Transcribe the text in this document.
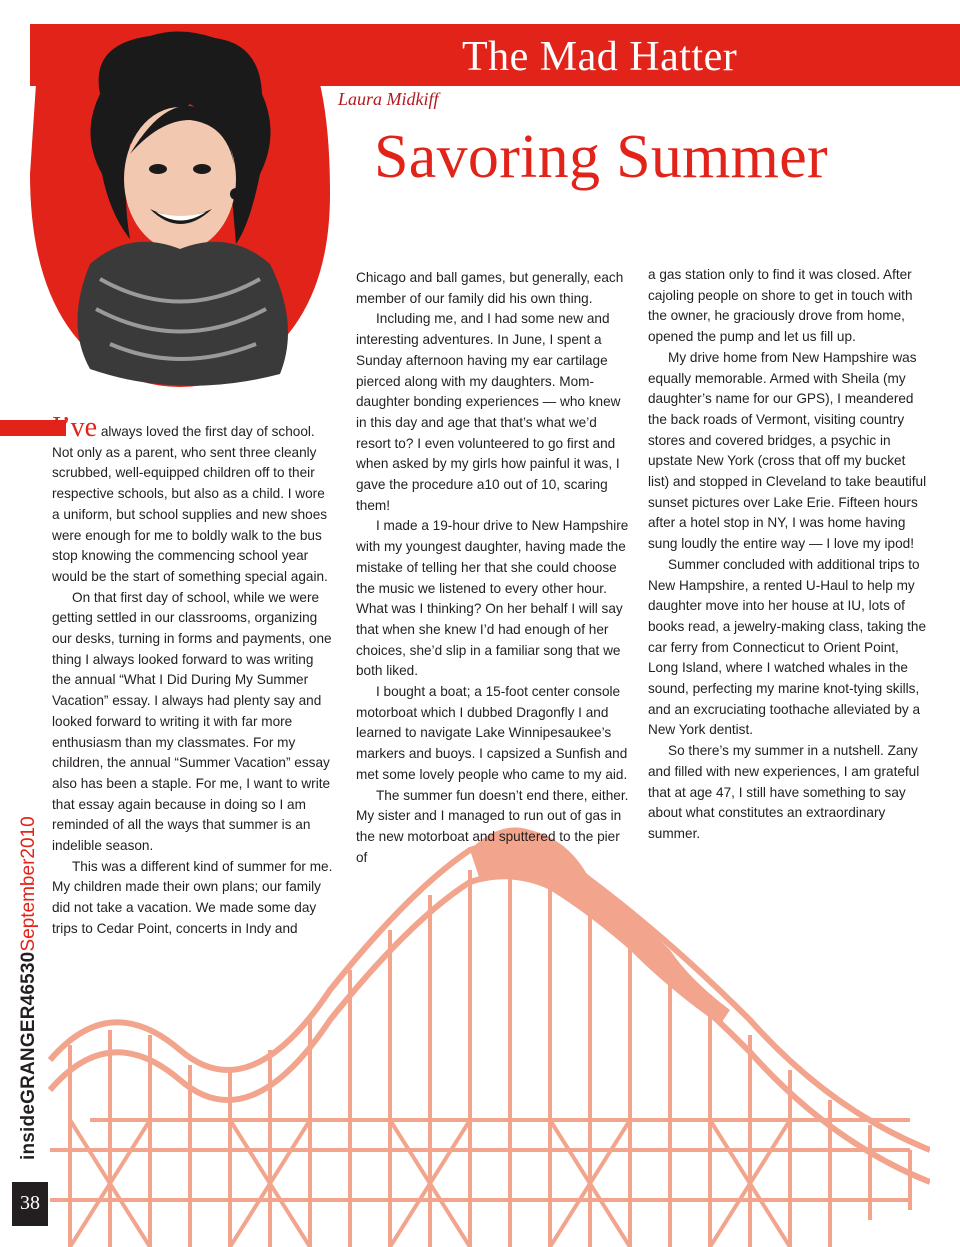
The Mad Hatter
Laura Midkiff
Savoring Summer

I’ve always loved the first day of school. Not only as a parent, who sent three cleanly scrubbed, well-equipped children off to their respective schools, but also as a child. I wore a uniform, but school supplies and new shoes were enough for me to boldly walk to the bus stop knowing the commencing school year would be the start of something special again.

On that first day of school, while we were getting settled in our classrooms, organizing our desks, turning in forms and payments, one thing I always looked forward to was writing the annual “What I Did During My Summer Vacation” essay. I always had plenty say and looked forward to writing it with far more enthusiasm than my classmates. For my children, the annual “Summer Vacation” essay also has been a staple. For me, I want to write that essay again because in doing so I am reminded of all the ways that summer is an indelible season.

This was a different kind of summer for me. My children made their own plans; our family did not take a vacation. We made some day trips to Cedar Point, concerts in Indy and

Chicago and ball games, but generally, each member of our family did his own thing.

Including me, and I had some new and interesting adventures. In June, I spent a Sunday afternoon having my ear cartilage pierced along with my daughters. Mom-daughter bonding experiences — who knew in this day and age that that’s what we’d resort to? I even volunteered to go first and when asked by my girls how painful it was, I gave the procedure a10 out of 10, scaring them!

I made a 19-hour drive to New Hampshire with my youngest daughter, having made the mistake of telling her that she could choose the music we listened to every other hour. What was I thinking? On her behalf I will say that when she knew I’d had enough of her choices, she’d slip in a familiar song that we both liked.

I bought a boat; a 15-foot center console motorboat which I dubbed Dragonfly I and learned to navigate Lake Winnipesaukee’s markers and buoys. I capsized a Sunfish and met some lovely people who came to my aid.

The summer fun doesn’t end there, either. My sister and I managed to run out of gas in the new motorboat and sputtered to the pier of

a gas station only to find it was closed. After cajoling people on shore to get in touch with the owner, he graciously drove from home, opened the pump and let us fill up.

My drive home from New Hampshire was equally memorable. Armed with Sheila (my daughter’s name for our GPS), I meandered the back roads of Vermont, visiting country stores and covered bridges, a psychic in upstate New York (cross that off my bucket list) and stopped in Cleveland to take beautiful sunset pictures over Lake Erie. Fifteen hours after a hotel stop in NY, I was home having sung loudly the entire way — I love my ipod!

Summer concluded with additional trips to New Hampshire, a rented U-Haul to help my daughter move into her house at IU, lots of books read, a jewelry-making class, taking the car ferry from Connecticut to Orient Point, Long Island, where I watched whales in the sound, perfecting my marine knot-tying skills, and an excruciating toothache alleviated by a New York dentist.

So there’s my summer in a nutshell. Zany and filled with new experiences, I am grateful that at age 47, I still have something to say about what constitutes an extraordinary summer.

insideGRANGER46530September2010
38
